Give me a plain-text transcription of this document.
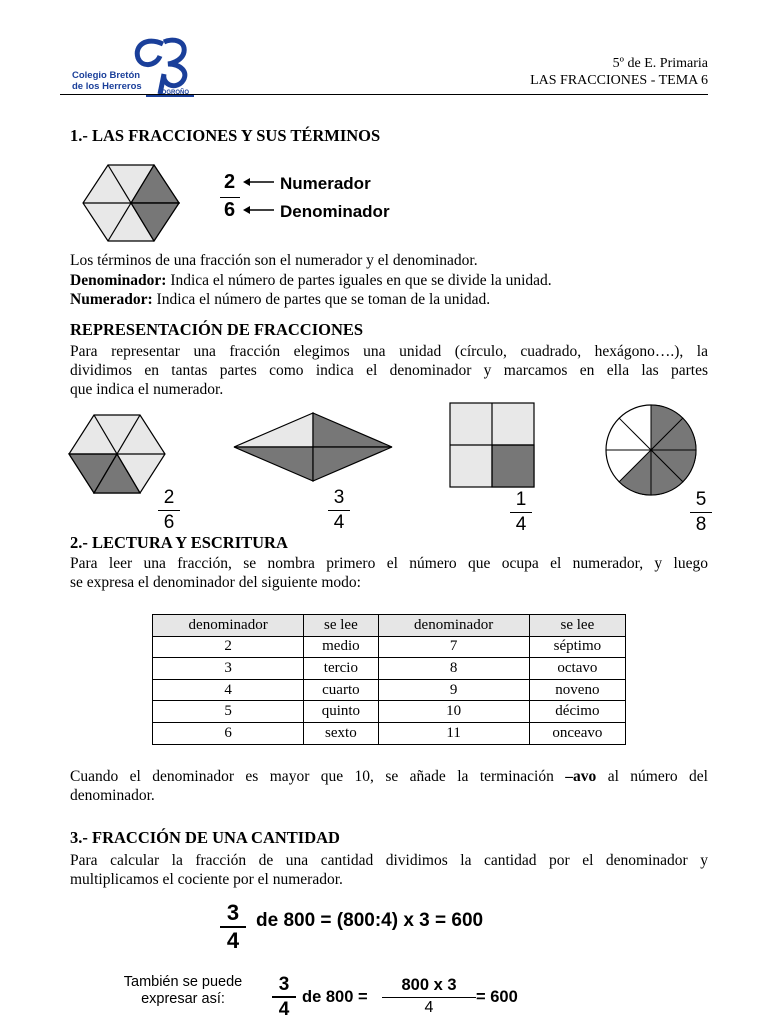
Colegio Bretón
de los Herreros
LOGROÑO
5º de E. Primaria
LAS FRACCIONES - TEMA 6
1.- LAS FRACCIONES Y SUS TÉRMINOS
2
6
Numerador
Denominador
Los términos de una fracción son el numerador y el denominador.
Denominador: Indica el número de partes iguales en que se divide la unidad.
Numerador: Indica el número de partes que se toman de la unidad.
REPRESENTACIÓN DE FRACCIONES
Para representar una fracción elegimos una unidad (círculo, cuadrado, hexágono….), la
dividimos en tantas partes como indica el denominador y marcamos en ella las partes
que indica el numerador.
2
6
3
4
1
4
5
8
2.- LECTURA Y ESCRITURA
Para leer una fracción, se nombra primero el número que ocupa el numerador, y luego
se expresa el denominador del siguiente modo:
denominador	se lee	denominador	se lee
2	medio	7	séptimo
3	tercio	8	octavo
4	cuarto	9	noveno
5	quinto	10	décimo
6	sexto	11	onceavo
Cuando el denominador es mayor que 10, se añade la terminación –avo al número del
denominador.
3.- FRACCIÓN DE UNA CANTIDAD
Para calcular la fracción de una cantidad dividimos la cantidad por el denominador y
multiplicamos el cociente por el numerador.
3
4
de 800 = (800:4) x 3 = 600
También se puede
expresar así:
3
4
de 800 =
800 x 3
4
= 600
